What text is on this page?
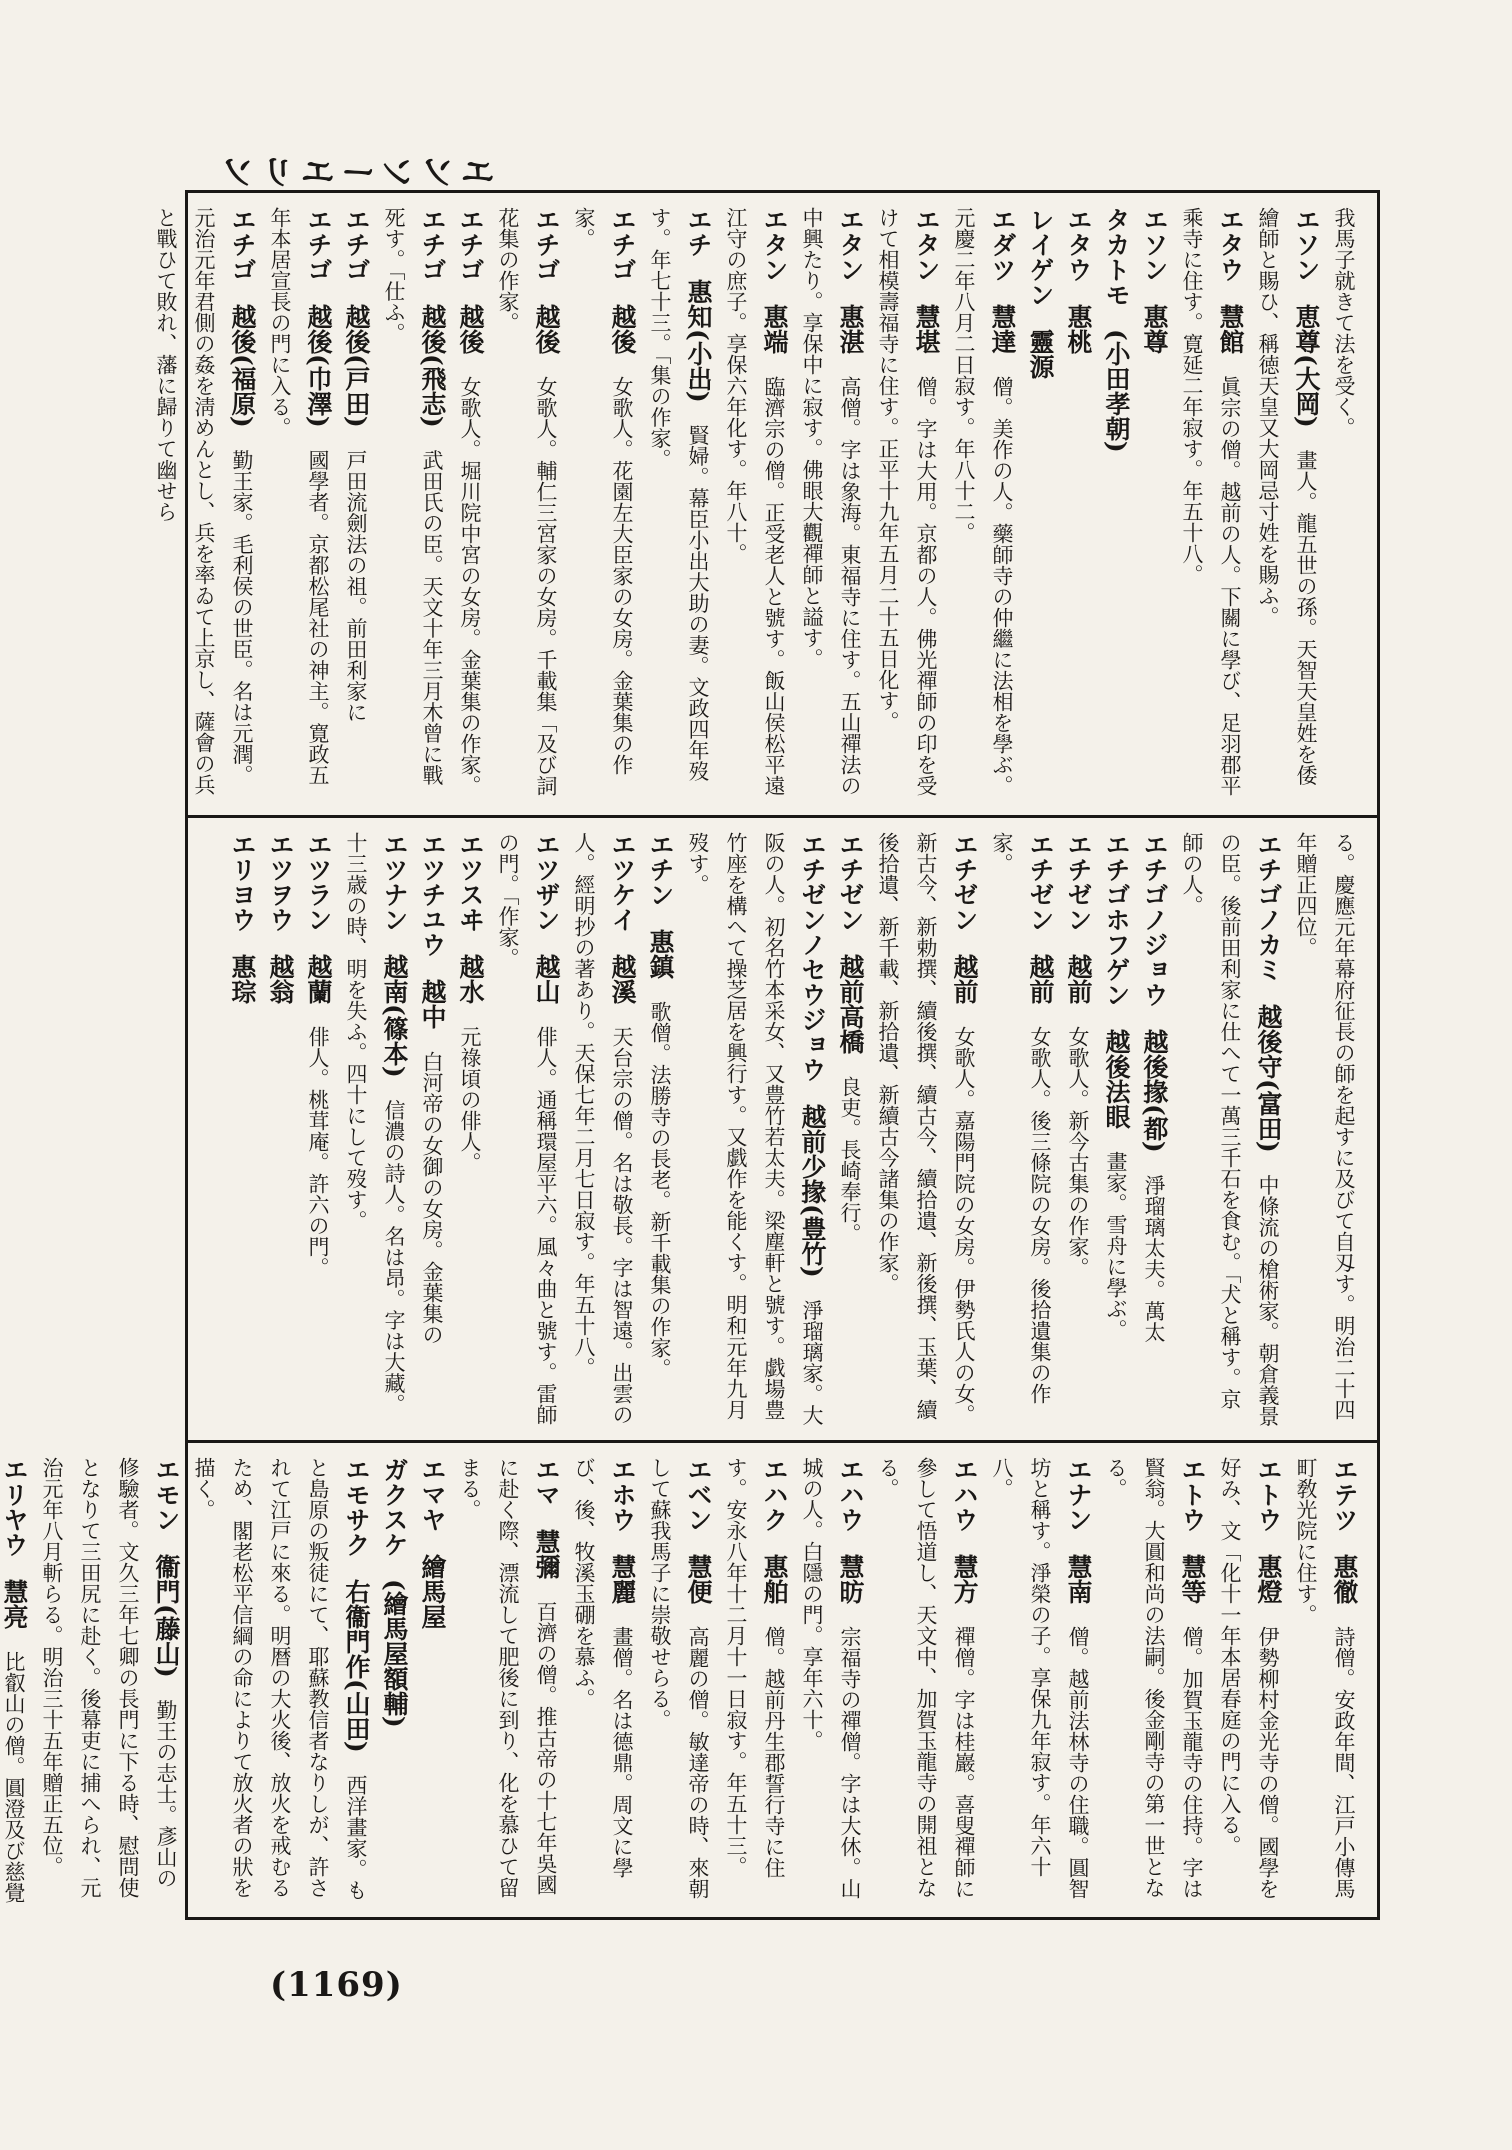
エソンーエリソ
我馬子就きて法を受く。
エソン　恵尊(大岡)　畫人。龍五世の孫。天智天皇姓を倭繪師と賜ひ、稱徳天皇又大岡忌寸姓を賜ふ。
エタウ　慧館　眞宗の僧。越前の人。下關に學び、足羽郡平乘寺に住す。寛延二年寂す。年五十八。
エソン　惠尊　
タカトモ　(小田孝朝)　
エタウ　惠桃　
レイゲン　靈源　
エダツ　慧達　僧。美作の人。藥師寺の仲繼に法相を學ぶ。元慶二年八月二日寂す。年八十二。
エタン　慧堪　僧。字は大用。京都の人。佛光禪師の印を受けて相模壽福寺に住す。正平十九年五月二十五日化す。
エタン　惠湛　高僧。字は象海。東福寺に住す。五山禪法の中興たり。享保中に寂す。佛眼大觀禪師と謚す。
エタン　惠端　臨濟宗の僧。正受老人と號す。飯山侯松平遠江守の庶子。享保六年化す。年八十。
エチ　惠知(小出)　賢婦。幕臣小出大助の妻。文政四年歿す。年七十三。「集の作家。
エチゴ　越後　女歌人。花園左大臣家の女房。金葉集の作家。
エチゴ　越後　女歌人。輔仁三宮家の女房。千載集「及び詞花集の作家。
エチゴ　越後　女歌人。堀川院中宮の女房。金葉集の作家。
エチゴ　越後(飛志)　武田氏の臣。天文十年三月木曾に戰死す。「仕ふ。
エチゴ　越後(戸田)　戸田流劍法の祖。前田利家に
エチゴ　越後(巾澤)　國學者。京都松尾社の神主。寛政五年本居宣長の門に入る。
エチゴ　越後(福原)　勤王家。毛利侯の世臣。名は元潤。元治元年君側の姦を淸めんとし、兵を率ゐて上京し、薩會の兵と戰ひて敗れ、藩に歸りて幽せら
る。慶應元年幕府征長の師を起すに及びて自刄す。明治二十四年贈正四位。
エチゴノカミ　越後守(富田)　中條流の槍術家。朝倉義景の臣。後前田利家に仕へて一萬三千石を食む。「犬と稱す。京師の人。
エチゴノジョウ　越後掾(都)　淨瑠璃太夫。萬太
エチゴホフゲン　越後法眼　畫家。雪舟に學ぶ。
エチゼン　越前　女歌人。新今古集の作家。
エチゼン　越前　女歌人。後三條院の女房。後拾遺集の作家。
エチゼン　越前　女歌人。嘉陽門院の女房。伊勢氏人の女。新古今、新勅撰、續後撰、續古今、續拾遺、新後撰、玉葉、續後拾遺、新千載、新拾遺、新續古今諸集の作家。
エチゼン　越前高橋　良吏。長崎奉行。
エチゼンノセウジョウ　越前少掾(豊竹)　淨瑠璃家。大阪の人。初名竹本采女、又豊竹若太夫。梁塵軒と號す。戯場豊竹座を構へて操芝居を興行す。又戯作を能くす。明和元年九月歿す。
エチン　惠鎮　歌僧。法勝寺の長老。新千載集の作家。
エツケイ　越溪　天台宗の僧。名は敬長。字は智遠。出雲の人。經明抄の著あり。天保七年二月七日寂す。年五十八。
エツザン　越山　俳人。通稱環屋平六。風々曲と號す。雷師の門。「作家。
エツスヰ　越水　元祿頃の俳人。
エツチユウ　越中　白河帝の女御の女房。金葉集の
エツナン　越南(篠本)　信濃の詩人。名は昂。字は大藏。十三歳の時、明を失ふ。四十にして歿す。
エツラン　越蘭　俳人。桃茸庵。許六の門。
エツヲウ　越翁　
エリヨウ　惠琮　
エテツ　惠徹　詩僧。安政年間、江戸小傳馬町敎光院に住す。
エトウ　惠燈　伊勢柳村金光寺の僧。國學を好み、文「化十一年本居春庭の門に入る。
エトウ　慧等　僧。加賀玉龍寺の住持。字は賢翁。大圓和尚の法嗣。後金剛寺の第一世となる。
エナン　慧南　僧。越前法林寺の住職。圓智坊と稱す。淨榮の子。享保九年寂す。年六十八。
エハウ　慧方　禪僧。字は桂巖。喜叟禪師に參して悟道し、天文中、加賀玉龍寺の開祖となる。
エハウ　慧昉　宗福寺の禪僧。字は大休。山城の人。白隱の門。享年六十。
エハク　惠舶　僧。越前丹生郡誓行寺に住す。安永八年十二月十一日寂す。年五十三。
エベン　慧便　高麗の僧。敏達帝の時、來朝して蘇我馬子に崇敬せらる。
エホウ　慧麗　畫僧。名は德鼎。周文に學び、後、牧溪玉硼を慕ふ。
エマ　慧彌　百濟の僧。推古帝の十七年吳國に赴く際、漂流して肥後に到り、化を慕ひて留まる。
エマヤ　繪馬屋　
ガクスケ　(繪馬屋額輔)　
エモサク　右衞門作(山田)　西洋畫家。もと島原の叛徒にて、耶蘇教信者なりしが、許されて江戸に來る。明暦の大火後、放火を戒むるため、閣老松平信綱の命によりて放火者の狀を描く。
エモン　衞門(藤山)　勤王の志士。彥山の修驗者。文久三年七卿の長門に下る時、慰問使となりて三田尻に赴く。後幕吏に捕へられ、元治元年八月斬らる。明治三十五年贈正五位。
エリヤウ　慧亮　比叡山の僧。圓澄及び慈覺

(1169)
